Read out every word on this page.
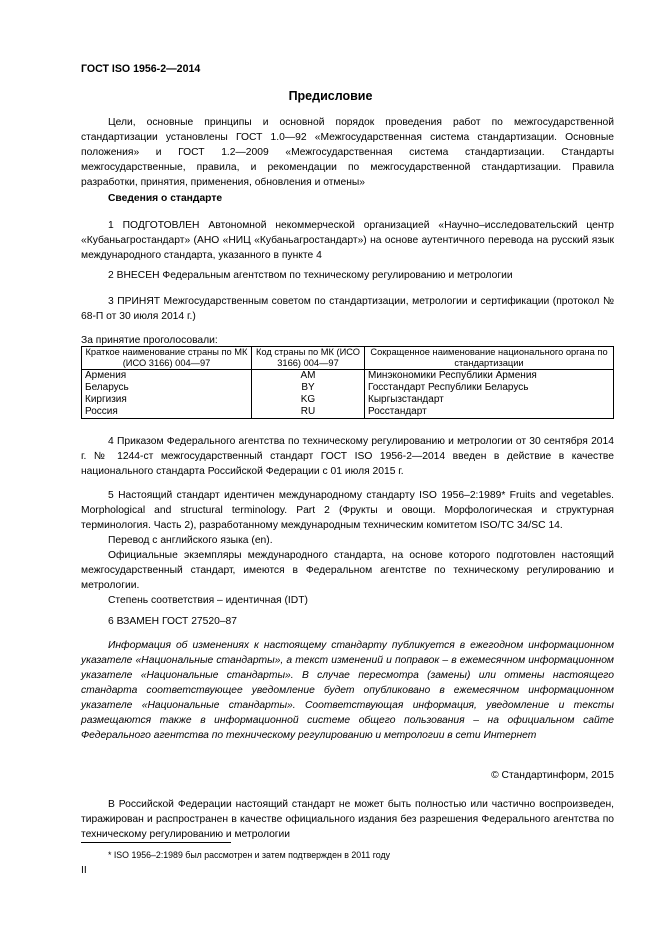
ГОСТ ISO 1956-2—2014
Предисловие

Цели, основные принципы и основной порядок проведения работ по межгосударственной стандартизации установлены ГОСТ 1.0—92 «Межгосударственная система стандартизации. Основные положения» и ГОСТ 1.2—2009 «Межгосударственная система стандартизации. Стандарты межгосударственные, правила, и рекомендации по межгосударственной стандартизации. Правила разработки, принятия, применения, обновления и отмены»

Сведения о стандарте

1 ПОДГОТОВЛЕН Автономной некоммерческой организацией «Научно–исследовательский центр «Кубаньагростандарт» (АНО «НИЦ «Кубаньагростандарт») на основе аутентичного перевода на русский язык международного стандарта, указанного в пункте 4

2 ВНЕСЕН Федеральным агентством по техническому регулированию и метрологии

3 ПРИНЯТ Межгосударственным советом по стандартизации, метрологии и сертификации (протокол № 68-П от 30 июля 2014 г.)

За принятие проголосовали:

Краткое наименование страны по МК (ИСО 3166) 004—97	Код страны по МК (ИСО 3166) 004—97	Сокращенное наименование национального органа по стандартизации
Армения	AM	Минэкономики Республики Армения
Беларусь	BY	Госстандарт Республики Беларусь
Киргизия	KG	Кыргызстандарт
Россия	RU	Росстандарт

4 Приказом Федерального агентства по техническому регулированию и метрологии от 30 сентября 2014 г. № 1244-ст межгосударственный стандарт ГОСТ ISO 1956-2—2014 введен в действие в качестве национального стандарта Российской Федерации с 01 июля 2015 г.

5 Настоящий стандарт идентичен международному стандарту ISO 1956–2:1989* Fruits and vegetables. Morphological and structural terminology. Part 2 (Фрукты и овощи. Морфологическая и структурная терминология. Часть 2), разработанному международным техническим комитетом ISO/TC 34/SC 14.

Перевод с английского языка (en).

Официальные экземпляры международного стандарта, на основе которого подготовлен настоящий межгосударственный стандарт, имеются в Федеральном агентстве по техническому регулированию и метрологии.

Степень соответствия – идентичная (IDT)

6 ВЗАМЕН ГОСТ 27520–87

Информация об изменениях к настоящему стандарту публикуется в ежегодном информационном указателе «Национальные стандарты», а текст изменений и поправок – в ежемесячном информационном указателе «Национальные стандарты». В случае пересмотра (замены) или отмены настоящего стандарта соответствующее уведомление будет опубликовано в ежемесячном информационном указателе «Национальные стандарты». Соответствующая информация, уведомление и тексты размещаются также в информационной системе общего пользования – на официальном сайте Федерального агентства по техническому регулированию и метрологии в сети Интернет

© Стандартинформ, 2015

В Российской Федерации настоящий стандарт не может быть полностью или частично воспроизведен, тиражирован и распространен в качестве официального издания без разрешения Федерального агентства по техническому регулированию и метрологии

* ISO 1956–2:1989 был рассмотрен и затем подтвержден в 2011 году
II
